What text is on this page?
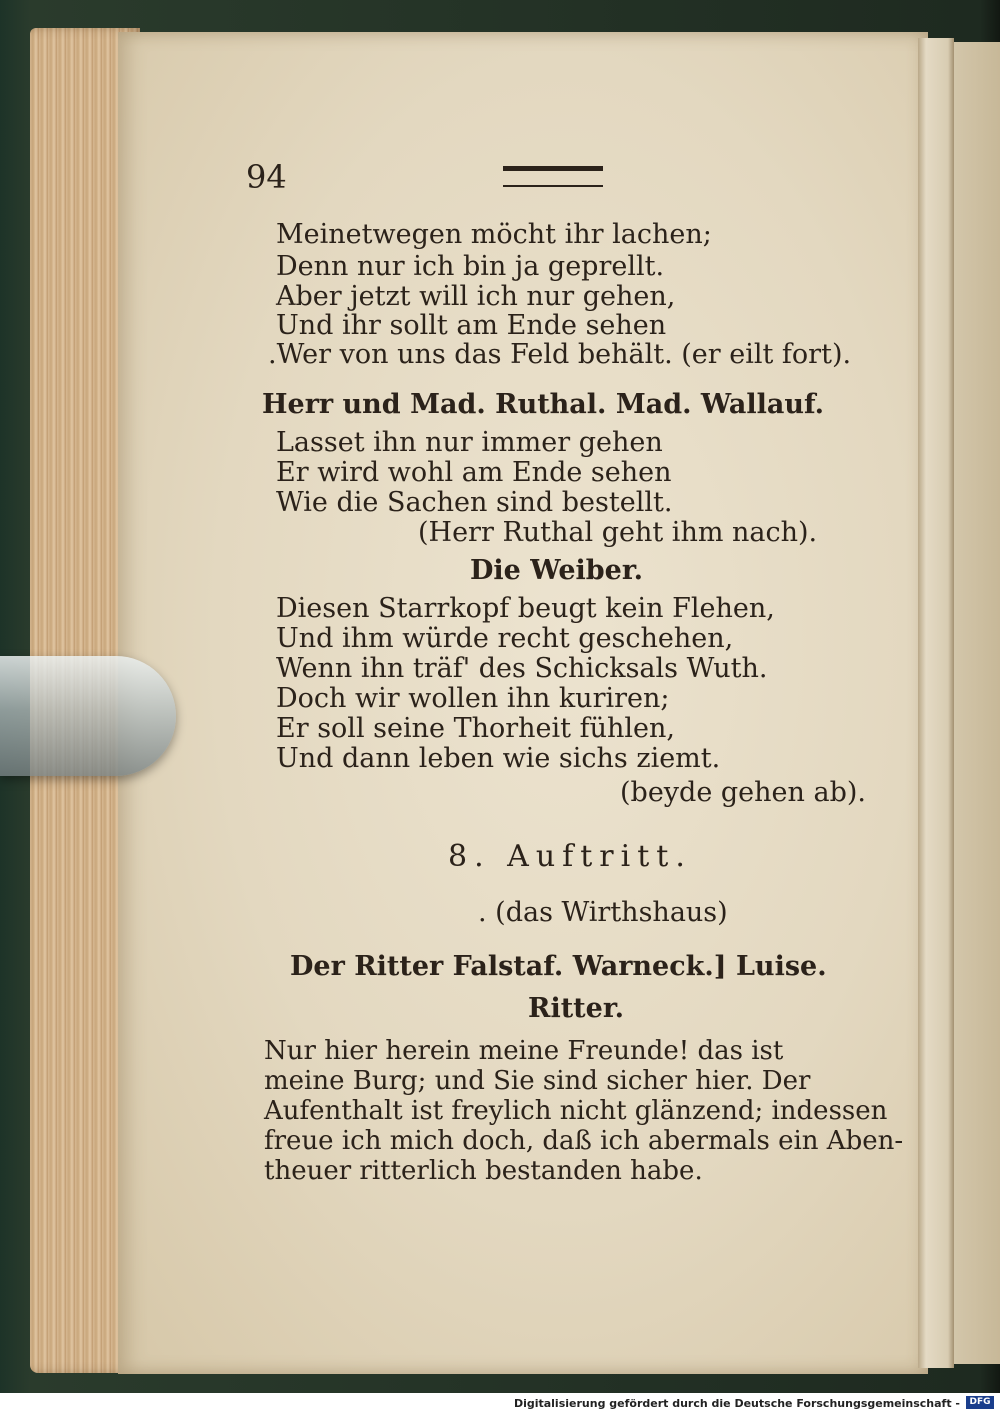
94
Meinetwegen möcht ihr lachen;
Denn nur ich bin ja geprellt.
Aber jetzt will ich nur gehen,
Und ihr sollt am Ende sehen
.Wer von uns das Feld behält. (er eilt fort).
Herr und Mad. Ruthal. Mad. Wallauf.
Lasset ihn nur immer gehen
Er wird wohl am Ende sehen
Wie die Sachen sind bestellt.
(Herr Ruthal geht ihm nach).
Die Weiber.
Diesen Starrkopf beugt kein Flehen,
Und ihm würde recht geschehen,
Wenn ihn träf' des Schicksals Wuth.
Doch wir wollen ihn kuriren;
Er soll seine Thorheit fühlen,
Und dann leben wie sichs ziemt.
(beyde gehen ab).
8. Auftritt.
. (das Wirthshaus)
Der Ritter Falstaf. Warneck.] Luise.
Ritter.
Nur hier herein meine Freunde! das ist
meine Burg; und Sie sind sicher hier. Der
Aufenthalt ist freylich nicht glänzend; indessen
freue ich mich doch, daß ich abermals ein Aben-
theuer ritterlich bestanden habe.
Digitalisierung gefördert durch die Deutsche Forschungsgemeinschaft -	DFG
